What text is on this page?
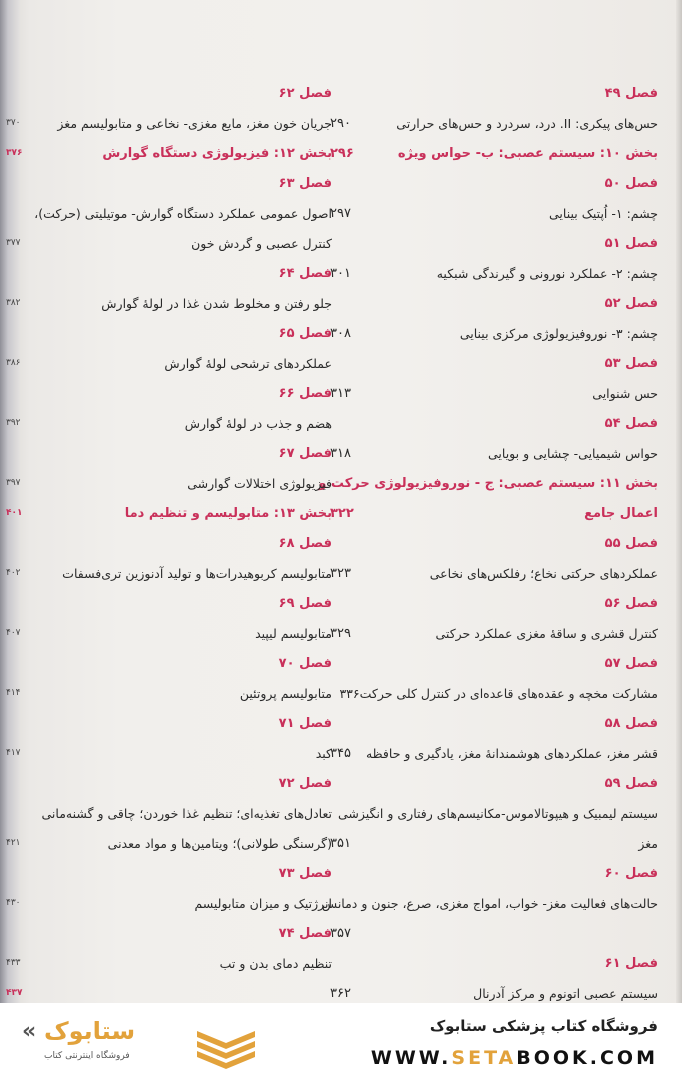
فصل ۴۹
حس‌های پیکری: II. درد، سردرد و حس‌های حرارتی
بخش ۱۰: سیستم عصبی: ب- حواس ویژه
فصل ۵۰
چشم: ۱- اُپتیک بینایی
فصل ۵۱
چشم: ۲- عملکرد نورونی و گیرندگی شبکیه
فصل ۵۲
چشم: ۳- نوروفیزیولوژی مرکزی بینایی
فصل ۵۳
حس شنوایی
فصل ۵۴
حواس شیمیایی- چشایی و بویایی
بخش ۱۱: سیستم عصبی: ج - نوروفیزیولوژی حرکت و
اعمال جامع
فصل ۵۵
عملکردهای حرکتی نخاع؛ رفلکس‌های نخاعی
فصل ۵۶
کنترل قشری و ساقهٔ مغزی عملکرد حرکتی
فصل ۵۷
مشارکت مخچه و عقده‌های قاعده‌ای در کنترل کلی حرکت۳۳۶
فصل ۵۸
قشر مغز، عملکردهای هوشمندانهٔ مغز، یادگیری و حافظه
فصل ۵۹
سیستم لیمبیک و هیپوتالاموس-مکانیسم‌های رفتاری و انگیزشی
مغز
فصل ۶۰
حالت‌های فعالیت مغز- خواب، امواج مغزی، صرع، جنون و دمانس
فصل ۶۱
سیستم عصبی اتونوم و مرکز آدرنال
فصل ۶۲
جریان خون مغز، مایع مغزی- نخاعی و متابولیسم مغز
بخش ۱۲: فیزیولوژی دستگاه گوارش
فصل ۶۳
اصول عمومی عملکرد دستگاه گوارش- موتیلیتی (حرکت)،
کنترل عصبی و گردش خون
فصل ۶۴
جلو رفتن و مخلوط شدن غذا در لولهٔ گوارش
فصل ۶۵
عملکردهای ترشحی لولهٔ گوارش
فصل ۶۶
هضم و جذب در لولهٔ گوارش
فصل ۶۷
فیزیولوژی اختلالات گوارشی
بخش ۱۳: متابولیسم و تنظیم دما
فصل ۶۸
متابولیسم کربوهیدرات‌ها و تولید آدنوزین تری‌فسفات
فصل ۶۹
متابولیسم لیپید
فصل ۷۰
متابولیسم پروتئین
فصل ۷۱
کبد
فصل ۷۲
تعادل‌های تغذیه‌ای؛ تنظیم غذا خوردن؛ چاقی و گشنه‌مانی
(گرسنگی طولانی)؛ ویتامین‌ها و مواد معدنی
فصل ۷۳
انرژتیک و میزان متابولیسم
فصل ۷۴
تنظیم دمای بدن و تب
۳۷۰
۳۷۶
۳۷۷
۳۸۲
۳۸۶
۳۹۲
۳۹۷
۴۰۱
۴۰۲
۴۰۷
۴۱۴
۴۱۷
۴۲۱
۴۳۰
۴۳۳
۴۳۷
۲۹۰
۲۹۶
۲۹۷
۳۰۱
۳۰۸
۳۱۳
۳۱۸
۳۲۲
۳۲۳
۳۲۹
۳۴۵
۳۵۱
۳۵۷
۳۶۲
فروشگاه کتاب پزشکی ستابوک
WWW.SETABOOK.COM
« ستابوک
فروشگاه اینترنتی کتاب
